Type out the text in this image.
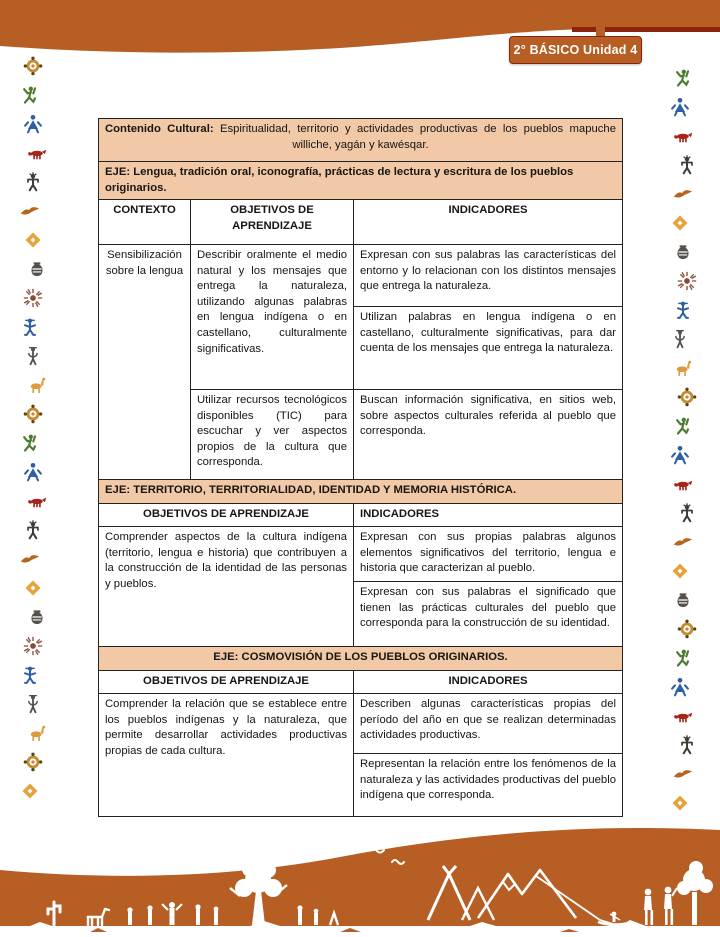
2° BÁSICO Unidad 4
Contenido Cultural: Espiritualidad, territorio y actividades productivas de los pueblos mapuche williche, yagán y kawésqar.		
EJE: Lengua, tradición oral, iconografía, prácticas de lectura y escritura de los pueblos originarios.		
CONTEXTO	OBJETIVOS DE APRENDIZAJE	INDICADORES
Sensibilización sobre la lengua	Describir oralmente el medio natural y los mensajes que entrega la naturaleza, utilizando algunas palabras en lengua indígena o en castellano, culturalmente significativas.	Expresan con sus palabras las características del entorno y lo relacionan con los distintos mensajes que entrega la naturaleza.
		Utilizan palabras en lengua indígena o en castellano, culturalmente significativas, para dar cuenta de los mensajes que entrega la naturaleza.
	Utilizar recursos tecnológicos disponibles (TIC) para escuchar y ver aspectos propios de la cultura que corresponda.	Buscan información significativa, en sitios web, sobre aspectos culturales referida al pueblo que corresponda.
EJE: TERRITORIO, TERRITORIALIDAD, IDENTIDAD Y MEMORIA HISTÓRICA.		
OBJETIVOS DE APRENDIZAJE		INDICADORES
Comprender aspectos de la cultura indígena (territorio, lengua e historia) que contribuyen a la construcción de la identidad de las personas y pueblos.		Expresan con sus propias palabras algunos elementos significativos del territorio, lengua e historia que caracterizan al pueblo.
		Expresan con sus palabras el significado que tienen las prácticas culturales del pueblo que corresponda para la construcción de su identidad.
EJE: COSMOVISIÓN DE LOS PUEBLOS ORIGINARIOS.		
OBJETIVOS DE APRENDIZAJE		INDICADORES
Comprender la relación que se establece entre los pueblos indígenas y la naturaleza, que permite desarrollar actividades productivas propias de cada cultura.		Describen algunas características propias del período del año en que se realizan determinadas actividades productivas.
		Representan la relación entre los fenómenos de la naturaleza y las actividades productivas del pueblo indígena que corresponda.
